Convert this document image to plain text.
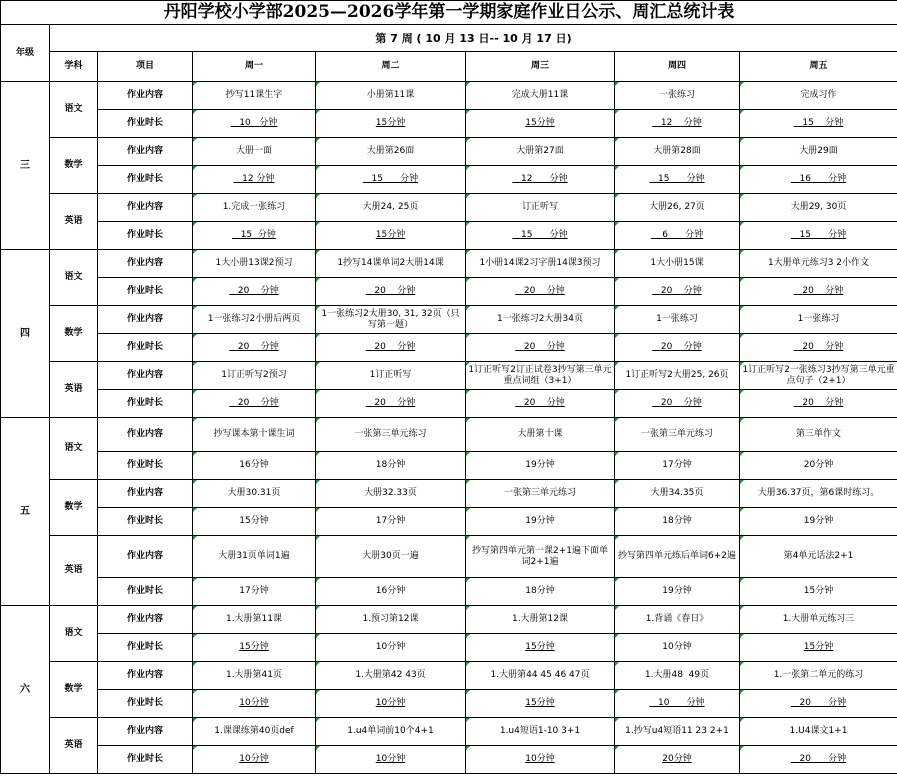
丹阳学校小学部2025—2026学年第一学期家庭作业日公示、周汇总统计表							
年级	第 7 周 ( 10 月 13 日-- 10 月 17 日)						
	学科	项目	周一	周二	周三	周四	周五
三	语文	作业内容	抄写11课生字	小册第11课	完成大册11课	一张练习	完成习作
		作业时长	10   分钟	15分钟	15分钟	12    分钟	15    分钟
	数学	作业内容	大册一面	大册第26面	大册第27面	大册第28面	大册29面
		作业时长	12 分钟	15      分钟	12      分钟	15      分钟	16      分钟
	英语	作业内容	1.完成一张练习	大册24, 25页	订正听写	大册26, 27页	大册29, 30页
		作业时长	15  分钟	15分钟	15      分钟	6      分钟	15      分钟
四	语文	作业内容	1大小册13课2预习	1抄写14课单词2大册14课	1小册14课2习字册14课3预习	1大小册15课	1大册单元练习3 2小作文
		作业时长	20    分钟	20    分钟	20    分钟	20    分钟	20    分钟
	数学	作业内容	1一张练习2小册后两页	1一张练习2大册30, 31, 32页（只写第一题）	1一张练习2大册34页	1一张练习	1一张练习
		作业时长	20    分钟	20    分钟	20    分钟	20    分钟	20    分钟
	英语	作业内容	1订正听写2预习	1订正听写	1订正听写2订正试卷3抄写第三单元重点词组（3+1）	1订正听写2大册25, 26页	1订正听写2一张练习3抄写第三单元重点句子（2+1）
		作业时长	20    分钟	20    分钟	20    分钟	20    分钟	20    分钟
五	语文	作业内容	抄写课本第十课生词	一张第三单元练习	大册第十课	一张第三单元练习	第三单作文
		作业时长	16分钟	18分钟	19分钟	17分钟	20分钟
	数学	作业内容	大册30.31页	大册32.33页	一张第三单元练习	大册34.35页	大册36.37页，第6课时练习。
		作业时长	15分钟	17分钟	19分钟	18分钟	19分钟
	英语	作业内容	大册31页单词1遍	大册30页一遍	抄写第四单元第一课2+1遍下面单词2+1遍	抄写第四单元练后单词6+2遍	第4单元话法2+1
		作业时长	17分钟	16分钟	18分钟	19分钟	15分钟
六	语文	作业内容	1.大册第11课	1.预习第12课	1.大册第12课	1.背诵《春日》	1.大册单元练习三
		作业时长	15分钟	10分钟	15分钟	10分钟	15分钟
	数学	作业内容	1.大册第41页	1.大册第42 43页	1.大册第44 45 46 47页	1.大册48  49页	1.一张第二单元的练习
		作业时长	10分钟	10分钟	15分钟	10      分钟	20      分钟
	英语	作业内容	1.课课练第40页def	1.u4单词前10个4+1	1.u4短语1-10 3+1	1.抄写u4短语11 23 2+1	1.U4课文1+1
		作业时长	10分钟	10分钟	10分钟	20分钟	20      分钟
